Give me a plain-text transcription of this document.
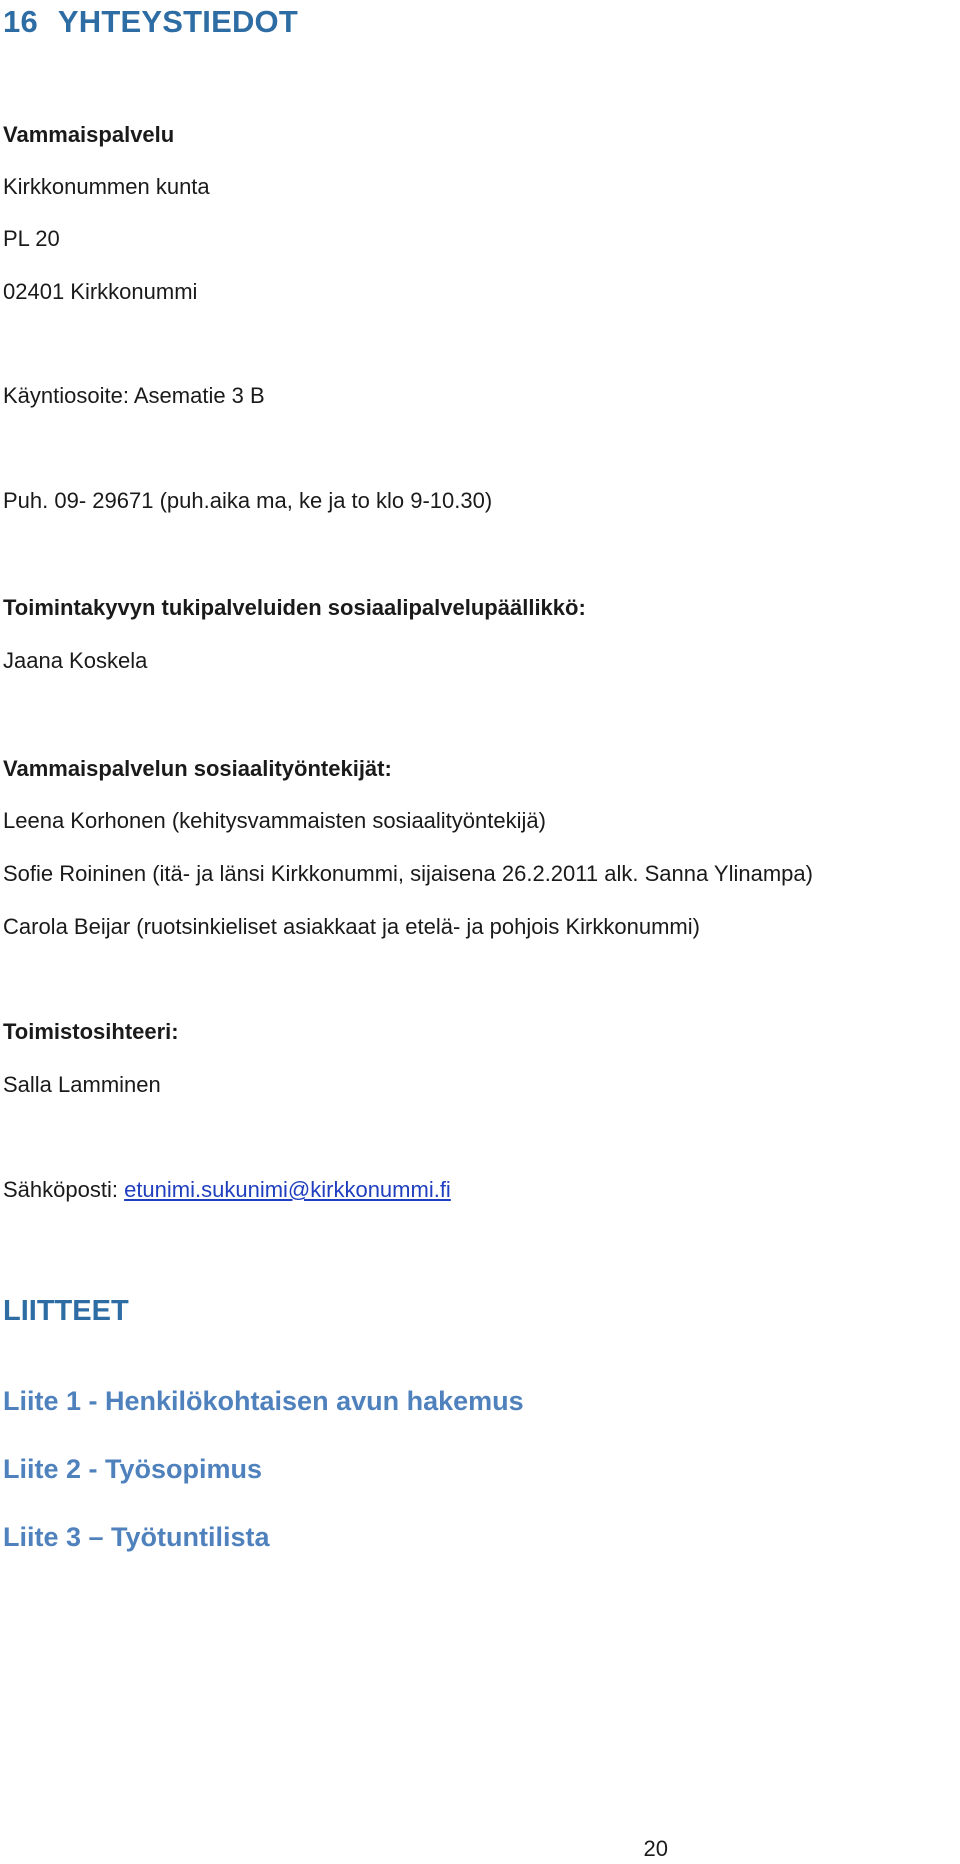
16 YHTEYSTIEDOT
Vammaispalvelu
Kirkkonummen kunta
PL 20
02401 Kirkkonummi
Käyntiosoite: Asematie 3 B
Puh. 09- 29671 (puh.aika ma, ke ja to klo 9-10.30)
Toimintakyvyn tukipalveluiden sosiaalipalvelupäällikkö:
Jaana Koskela
Vammaispalvelun sosiaalityöntekijät:
Leena Korhonen (kehitysvammaisten sosiaalityöntekijä)
Sofie Roininen (itä- ja länsi Kirkkonummi, sijaisena 26.2.2011 alk. Sanna Ylinampa)
Carola Beijar (ruotsinkieliset asiakkaat ja etelä- ja pohjois Kirkkonummi)
Toimistosihteeri:
Salla Lamminen
Sähköposti: etunimi.sukunimi@kirkkonummi.fi
LIITTEET
Liite 1 - Henkilökohtaisen avun hakemus
Liite 2 - Työsopimus
Liite 3 – Työtuntilista
20
